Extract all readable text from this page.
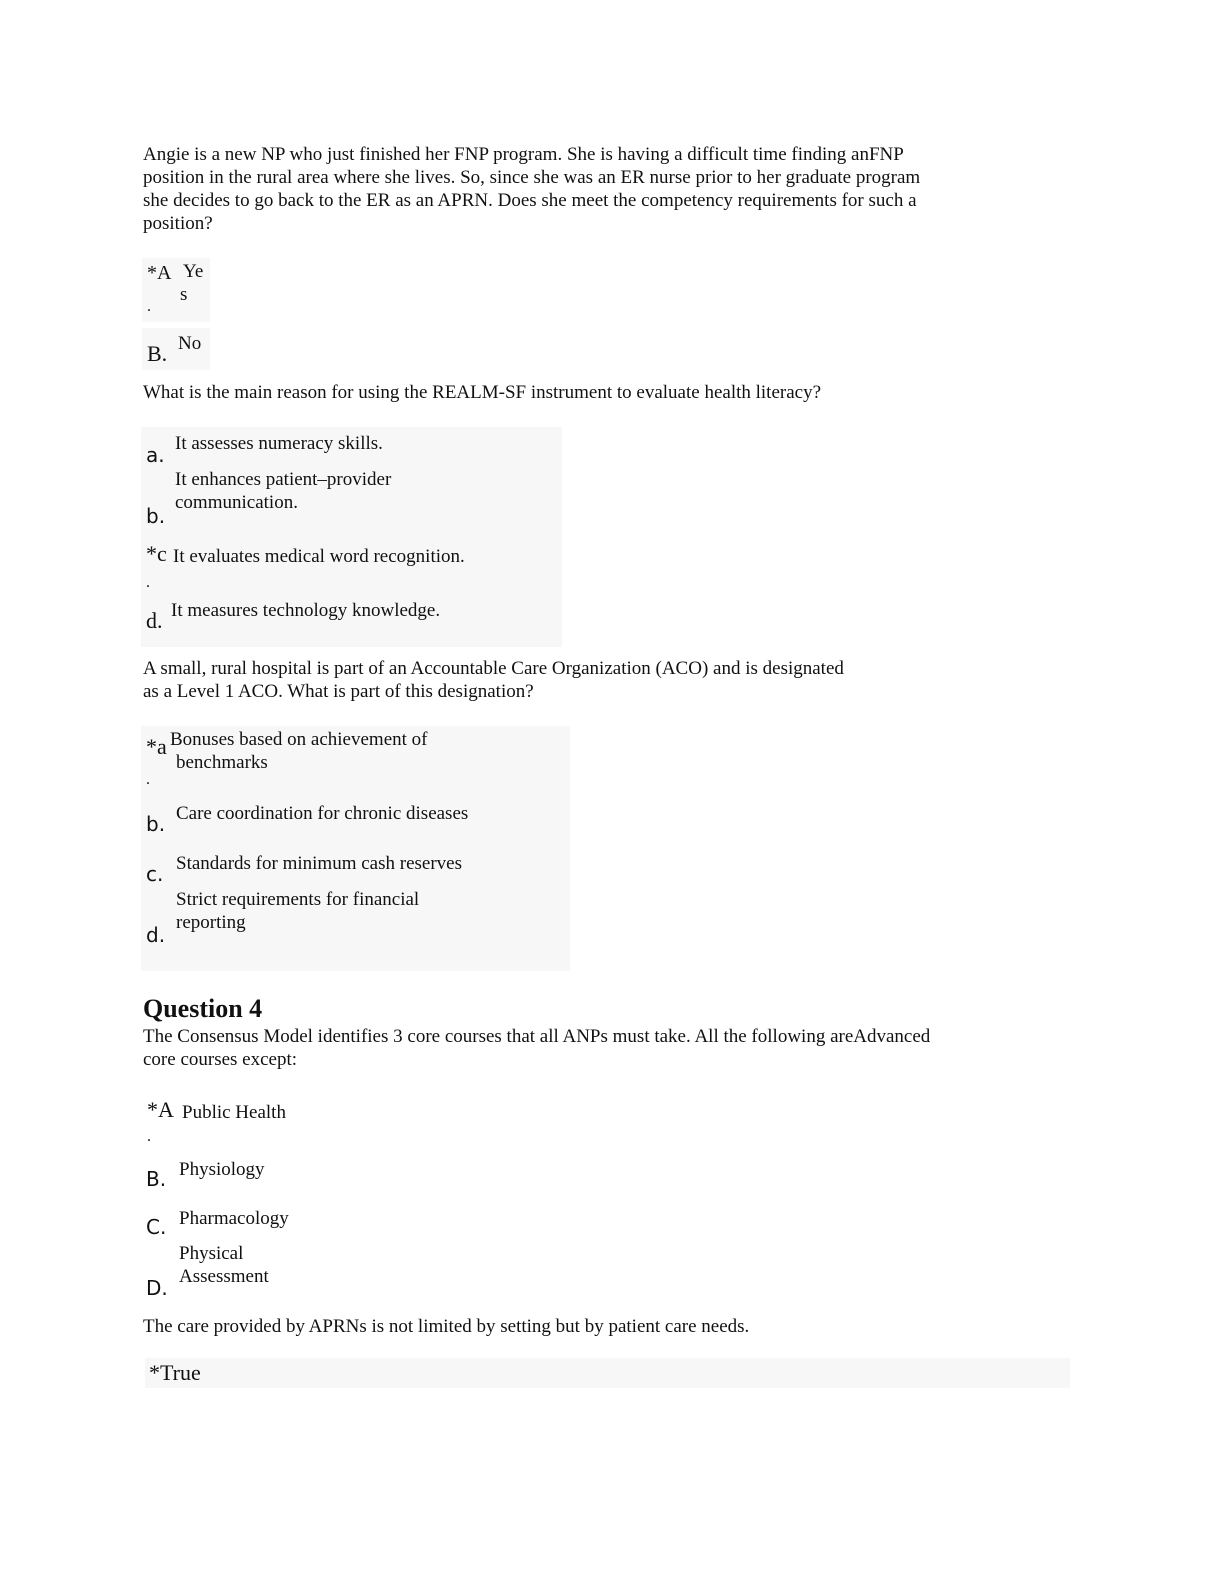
Angie is a new NP who just finished her FNP program. She is having a difficult time finding anFNP
position in the rural area where she lives. So, since she was an ER nurse prior to her graduate program
she decides to go back to the ER as an APRN. Does she meet the competency requirements for such a
position?
*A
.
Ye
s
B. No
What is the main reason for using the REALM-SF instrument to evaluate health literacy?
a. It assesses numeracy skills.
b.
It enhances patient–provider
communication.
*c
.
It evaluates medical word recognition.
d. It measures technology knowledge.
A small, rural hospital is part of an Accountable Care Organization (ACO) and is designated
as a Level 1 ACO. What is part of this designation?
*a
.
Bonuses based on achievement of
benchmarks
b. Care coordination for chronic diseases
c. Standards for minimum cash reserves
d.
Strict requirements for financial
reporting
Question 4
The Consensus Model identifies 3 core courses that all ANPs must take. All the following areAdvanced
core courses except:
*A
.
Public Health
B. Physiology
C. Pharmacology
D.
Physical
Assessment
The care provided by APRNs is not limited by setting but by patient care needs.
*True
